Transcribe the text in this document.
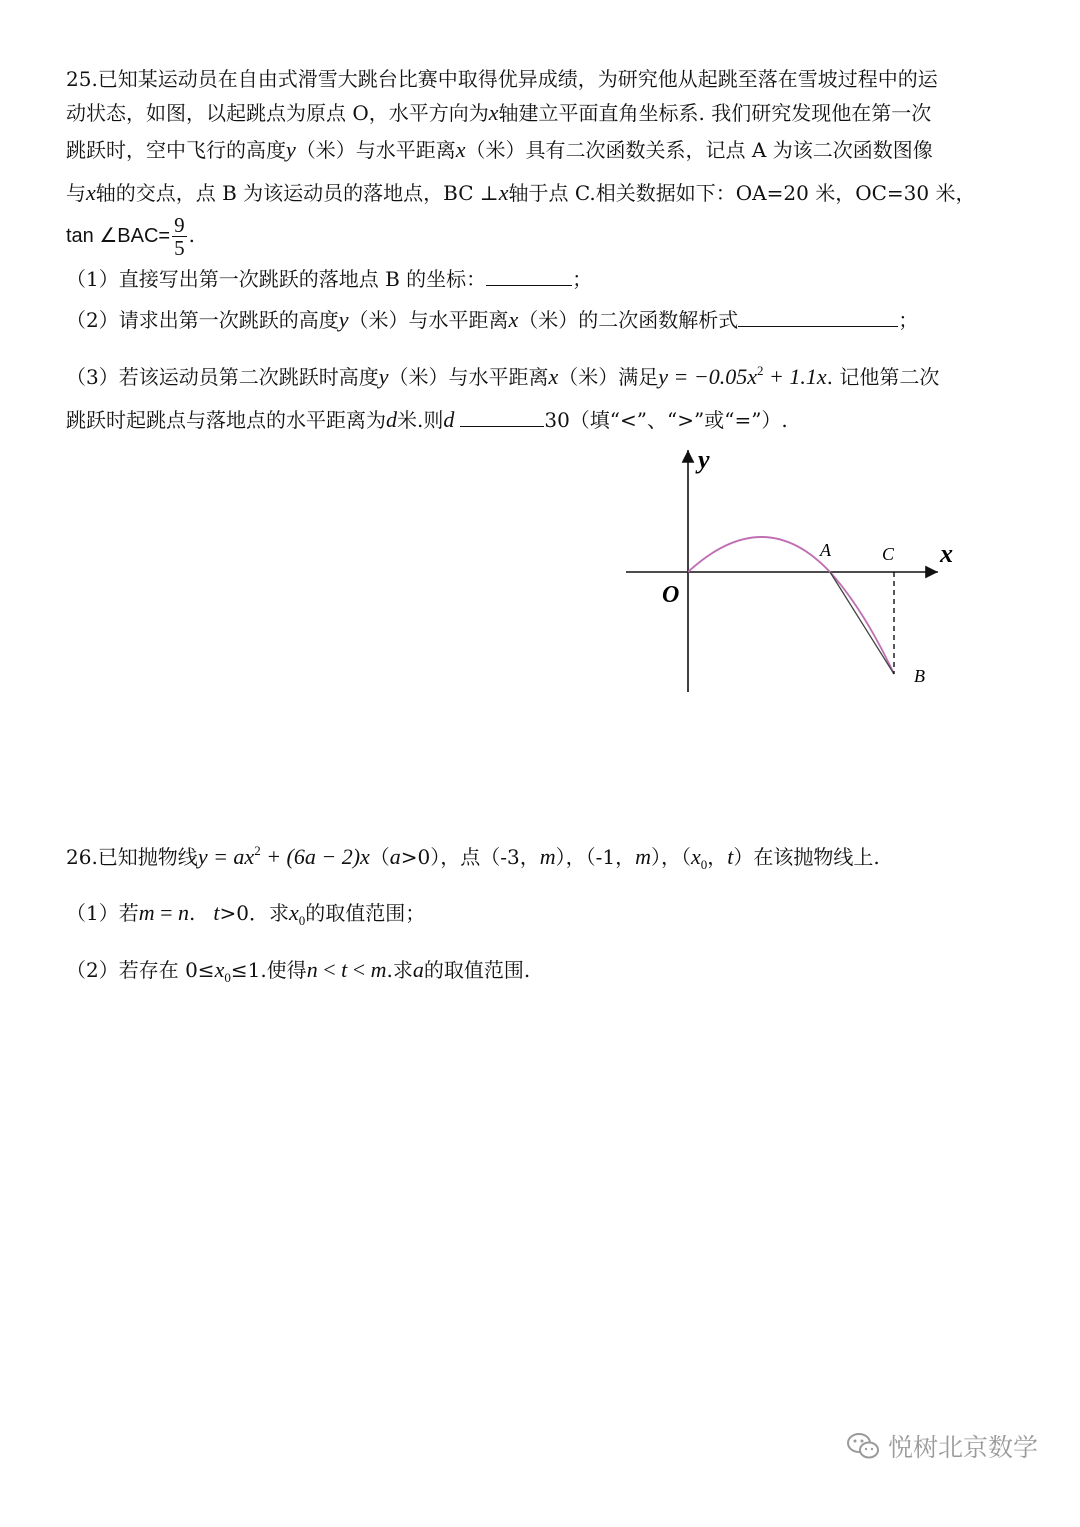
25.已知某运动员在自由式滑雪大跳台比赛中取得优异成绩，为研究他从起跳至落在雪坡过程中的运
动状态，如图，以起跳点为原点 O，水平方向为x轴建立平面直角坐标系. 我们研究发现他在第一次
跳跃时，空中飞行的高度y（米）与水平距离x（米）具有二次函数关系，记点 A 为该二次函数图像
与x轴的交点，点 B 为该运动员的落地点，BC ⊥x轴于点 C.相关数据如下：OA=20 米，OC=30 米，
tan ∠BAC= $\frac{9}{5}$ .
（1）直接写出第一次跳跃的落地点 B 的坐标：	；
（2）请求出第一次跳跃的高度y（米）与水平距离x（米）的二次函数解析式	；
（3）若该运动员第二次跳跃时高度y（米）与水平距离x（米）满足$y = -0.05x^2 + 1.1x$. 记他第二次
跳跃时起跳点与落地点的水平距离为d米.则d	30（填“<”、“>”或“=”）.
y
x
O
A	C
B
26.已知抛物线$y = ax^2 + (6a - 2)x(a>0)$，点（-3，m），（-1，m），（$x_0$，t）在该抛物线上.
（1）若m = n. t>0．求$x_0$的取值范围；
（2）若存在 $0\le x_0\le 1$.使得n < t < m.求a的取值范围.
悦树北京数学
